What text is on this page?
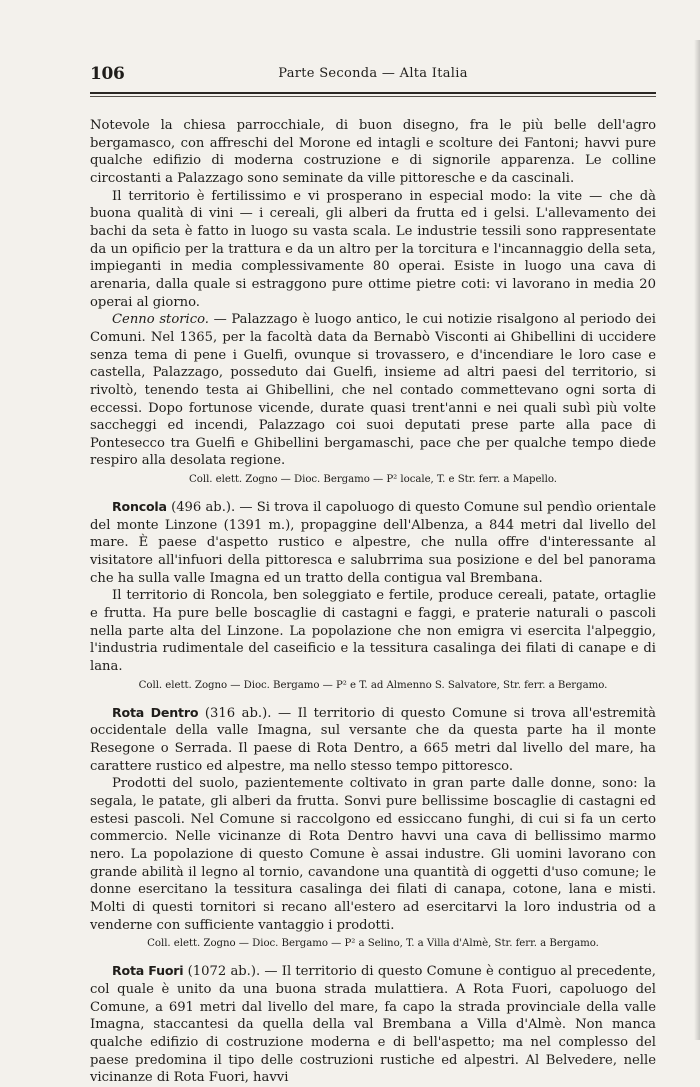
106	Parte Seconda — Alta Italia

Notevole la chiesa parrocchiale, di buon disegno, fra le più belle dell'agro bergamasco, con affreschi del Morone ed intagli e scolture dei Fantoni; havvi pure qualche edifizio di moderna costruzione e di signorile apparenza. Le colline circostanti a Palazzago sono seminate da ville pittoresche e da cascinali.

Il territorio è fertilissimo e vi prosperano in especial modo: la vite — che dà buona qualità di vini — i cereali, gli alberi da frutta ed i gelsi. L'allevamento dei bachi da seta è fatto in luogo su vasta scala. Le industrie tessili sono rappresentate da un opificio per la trattura e da un altro per la torcitura e l'incannaggio della seta, impieganti in media complessivamente 80 operai. Esiste in luogo una cava di arenaria, dalla quale si estraggono pure ottime pietre coti: vi lavorano in media 20 operai al giorno.

Cenno storico. — Palazzago è luogo antico, le cui notizie risalgono al periodo dei Comuni. Nel 1365, per la facoltà data da Bernabò Visconti ai Ghibellini di uccidere senza tema di pene i Guelfi, ovunque si trovassero, e d'incendiare le loro case e castella, Palazzago, posseduto dai Guelfi, insieme ad altri paesi del territorio, si rivoltò, tenendo testa ai Ghibellini, che nel contado commettevano ogni sorta di eccessi. Dopo fortunose vicende, durate quasi trent'anni e nei quali subì più volte saccheggi ed incendi, Palazzago coi suoi deputati prese parte alla pace di Pontesecco tra Guelfi e Ghibellini bergamaschi, pace che per qualche tempo diede respiro alla desolata regione.

Coll. elett. Zogno — Dioc. Bergamo — P² locale, T. e Str. ferr. a Mapello.

Roncola (496 ab.). — Si trova il capoluogo di questo Comune sul pendìo orientale del monte Linzone (1391 m.), propaggine dell'Albenza, a 844 metri dal livello del mare. È paese d'aspetto rustico e alpestre, che nulla offre d'interessante al visitatore all'infuori della pittoresca e salubrrima sua posizione e del bel panorama che ha sulla valle Imagna ed un tratto della contigua val Brembana.

Il territorio di Roncola, ben soleggiato e fertile, produce cereali, patate, ortaglie e frutta. Ha pure belle boscaglie di castagni e faggi, e praterie naturali o pascoli nella parte alta del Linzone. La popolazione che non emigra vi esercita l'alpeggio, l'industria rudimentale del caseificio e la tessitura casalinga dei filati di canape e di lana.

Coll. elett. Zogno — Dioc. Bergamo — P² e T. ad Almenno S. Salvatore, Str. ferr. a Bergamo.

Rota Dentro (316 ab.). — Il territorio di questo Comune si trova all'estremità occidentale della valle Imagna, sul versante che da questa parte ha il monte Resegone o Serrada. Il paese di Rota Dentro, a 665 metri dal livello del mare, ha carattere rustico ed alpestre, ma nello stesso tempo pittoresco.

Prodotti del suolo, pazientemente coltivato in gran parte dalle donne, sono: la segala, le patate, gli alberi da frutta. Sonvi pure bellissime boscaglie di castagni ed estesi pascoli. Nel Comune si raccolgono ed essiccano funghi, di cui si fa un certo commercio. Nelle vicinanze di Rota Dentro havvi una cava di bellissimo marmo nero. La popolazione di questo Comune è assai industre. Gli uomini lavorano con grande abilità il legno al tornio, cavandone una quantità di oggetti d'uso comune; le donne esercitano la tessitura casalinga dei filati di canapa, cotone, lana e misti. Molti di questi tornitori si recano all'estero ad esercitarvi la loro industria od a venderne con sufficiente vantaggio i prodotti.

Coll. elett. Zogno — Dioc. Bergamo — P² a Selino, T. a Villa d'Almè, Str. ferr. a Bergamo.

Rota Fuori (1072 ab.). — Il territorio di questo Comune è contiguo al precedente, col quale è unito da una buona strada mulattiera. A Rota Fuori, capoluogo del Comune, a 691 metri dal livello del mare, fa capo la strada provinciale della valle Imagna, staccantesi da quella della val Brembana a Villa d'Almè. Non manca qualche edifizio di costruzione moderna e di bell'aspetto; ma nel complesso del paese predomina il tipo delle costruzioni rustiche ed alpestri. Al Belvedere, nelle vicinanze di Rota Fuori, havvi
